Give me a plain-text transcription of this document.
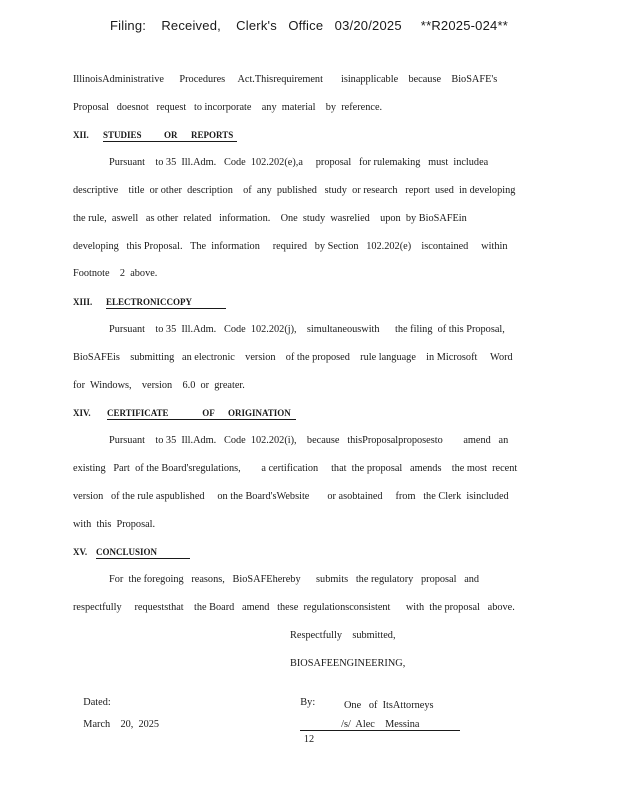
Filing:    Received,    Clerk's   Office   03/20/2025     **R2025-024**
IllinoisAdministrative      Procedures     Act.Thisrequirement       isinapplicable    because    BioSAFE's
Proposal   doesnot   request   to incorporate    any  material    by  reference.
XII. STUDIES          OR      REPORTS
Pursuant    to 35  Ill.Adm.   Code  102.202(e),a     proposal   for rulemaking   must  includea
descriptive    title  or other  description    of  any  published   study  or research   report  used  in developing
the rule,  aswell   as other  related   information.    One  study  wasrelied    upon  by BioSAFEin
developing   this Proposal.   The  information     required   by Section   102.202(e)    iscontained     within
Footnote    2  above.
XIII. ELECTRONICCOPY
Pursuant    to 35  Ill.Adm.   Code  102.202(j),    simultaneouswith      the filing  of this Proposal,
BioSAFEis    submitting   an electronic    version    of the proposed    rule language    in Microsoft     Word
for  Windows,    version    6.0  or  greater.
XIV. CERTIFICATE               OF      ORIGINATION
Pursuant    to 35  Ill.Adm.   Code  102.202(i),    because   thisProposalproposesto        amend   an
existing   Part  of the Board'sregulations,        a certification     that  the proposal   amends    the most  recent
version   of the rule aspublished     on the Board'sWebsite       or asobtained     from   the Clerk  isincluded
with  this  Proposal.
XV. CONCLUSION
For  the foregoing   reasons,   BioSAFEhereby      submits   the regulatory   proposal   and
respectfully     requeststhat    the Board   amend   these  regulationsconsistent      with  the proposal   above.
Respectfully    submitted,
BIOSAFEENGINEERING,

Dated:

March    20,  2025

By:

/s/  Alec    Messina

One   of  ItsAttorneys
12
